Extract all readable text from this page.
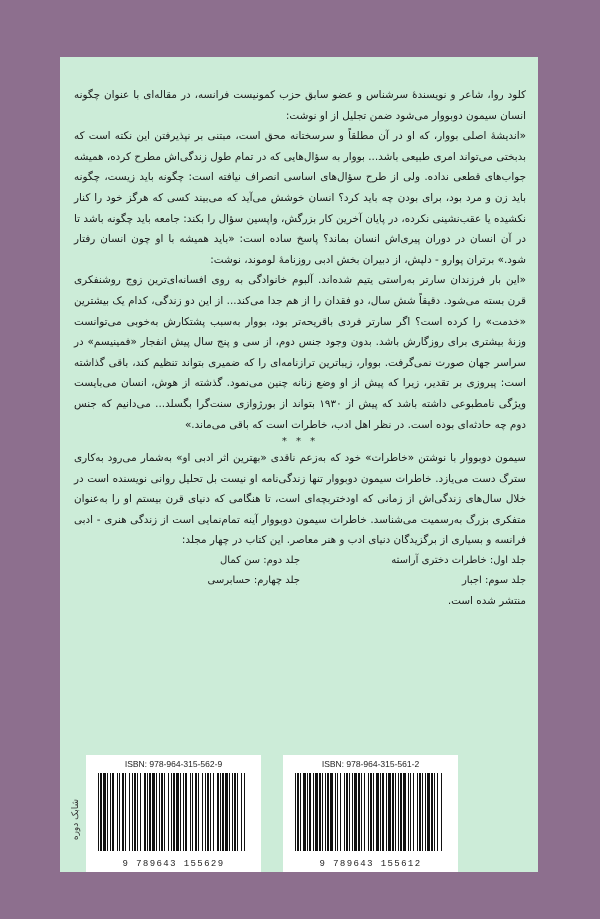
کلود روا، شاعر و نویسندهٔ سرشناس و عضو سابق حزب کمونیست فرانسه، در مقاله‌ای با عنوان چگونه انسان سیمون دوبووار می‌شود ضمن تجلیل از او نوشت:

«اندیشهٔ اصلی بووار، که او در آن مطلقاً و سرسختانه محق است، مبتنی بر نپذیرفتن این نکته است که بدبختی می‌تواند امری طبیعی باشد... بووار به سؤال‌هایی که در تمام طول زندگی‌اش مطرح کرده، همیشه جواب‌های قطعی نداده. ولی از طرح سؤال‌های اساسی انصراف نیافته است: چگونه باید زیست، چگونه باید زن و مرد بود، برای بودن چه باید کرد؟ انسان خوشش می‌آید که می‌بیند کسی که هرگز خود را کنار نکشیده یا عقب‌نشینی نکرده، در پایان آخرین کار بزرگش، واپسین سؤال را بکند: جامعه باید چگونه باشد تا در آن انسان در دوران پیری‌اش انسان بماند؟ پاسخ ساده است: «باید همیشه با او چون انسان رفتار شود.» برتران پوارو - دلپش، از دبیران بخش ادبی روزنامهٔ لوموند، نوشت:

«این بار فرزندان سارتر به‌راستی یتیم شده‌اند. آلبوم خانوادگی به روی افسانه‌ای‌ترین زوج روشنفکری قرن بسته می‌شود. دقیقاً شش سال، دو فقدان را از هم جدا می‌کند... از این دو زندگی، کدام یک بیشترین «خدمت» را کرده است؟ اگر سارتر فردی باقریحه‌تر بود، بووار به‌سبب پشتکارش به‌خوبی می‌توانست وزنهٔ بیشتری برای روزگارش باشد. بدون وجود جنس دوم، از سی و پنج سال پیش انفجار «فمینیسم» در سراسر جهان صورت نمی‌گرفت. بووار، زیباترین ترازنامه‌ای را که ضمیری بتواند تنظیم کند، باقی گذاشته است: پیروزی بر تقدیر، زیرا که پیش از او وضع زنانه چنین می‌نمود. گذشته از هوش، انسان می‌بایست ویژگی نامطبوعی داشته باشد که پیش از ۱۹۳۰ بتواند از بورژوازی سنت‌گرا بگسلد... می‌دانیم که جنس دوم چه حادثه‌ای بوده است. در نظر اهل ادب، خاطرات است که باقی می‌ماند.»

* * *

سیمون دوبووار با نوشتن «خاطرات» خود که به‌زعم ناقدی «بهترین اثر ادبی او» به‌شمار می‌رود به‌کاری سترگ دست می‌یازد. خاطرات سیمون دوبووار تنها زندگی‌نامه او نیست بل تحلیل روانی نویسنده است در خلال سال‌های زندگی‌اش از زمانی که اودختربچه‌ای است، تا هنگامی که دنیای قرن بیستم او را به‌عنوان متفکری بزرگ به‌رسمیت می‌شناسد. خاطرات سیمون دوبووار آینه تمام‌نمایی است از زندگی هنری - ادبی فرانسه و بسیاری از برگزیدگان دنیای ادب و هنر معاصر. این کتاب در چهار مجلد:

جلد اول: خاطرات دختری آراسته
جلد دوم: سن کمال
جلد سوم: اجبار
جلد چهارم: حسابرسی
منتشر شده است.
شابک دوره
ISBN: 978-964-315-562-9
9 789643 155629
ISBN: 978-964-315-561-2
9 789643 155612
